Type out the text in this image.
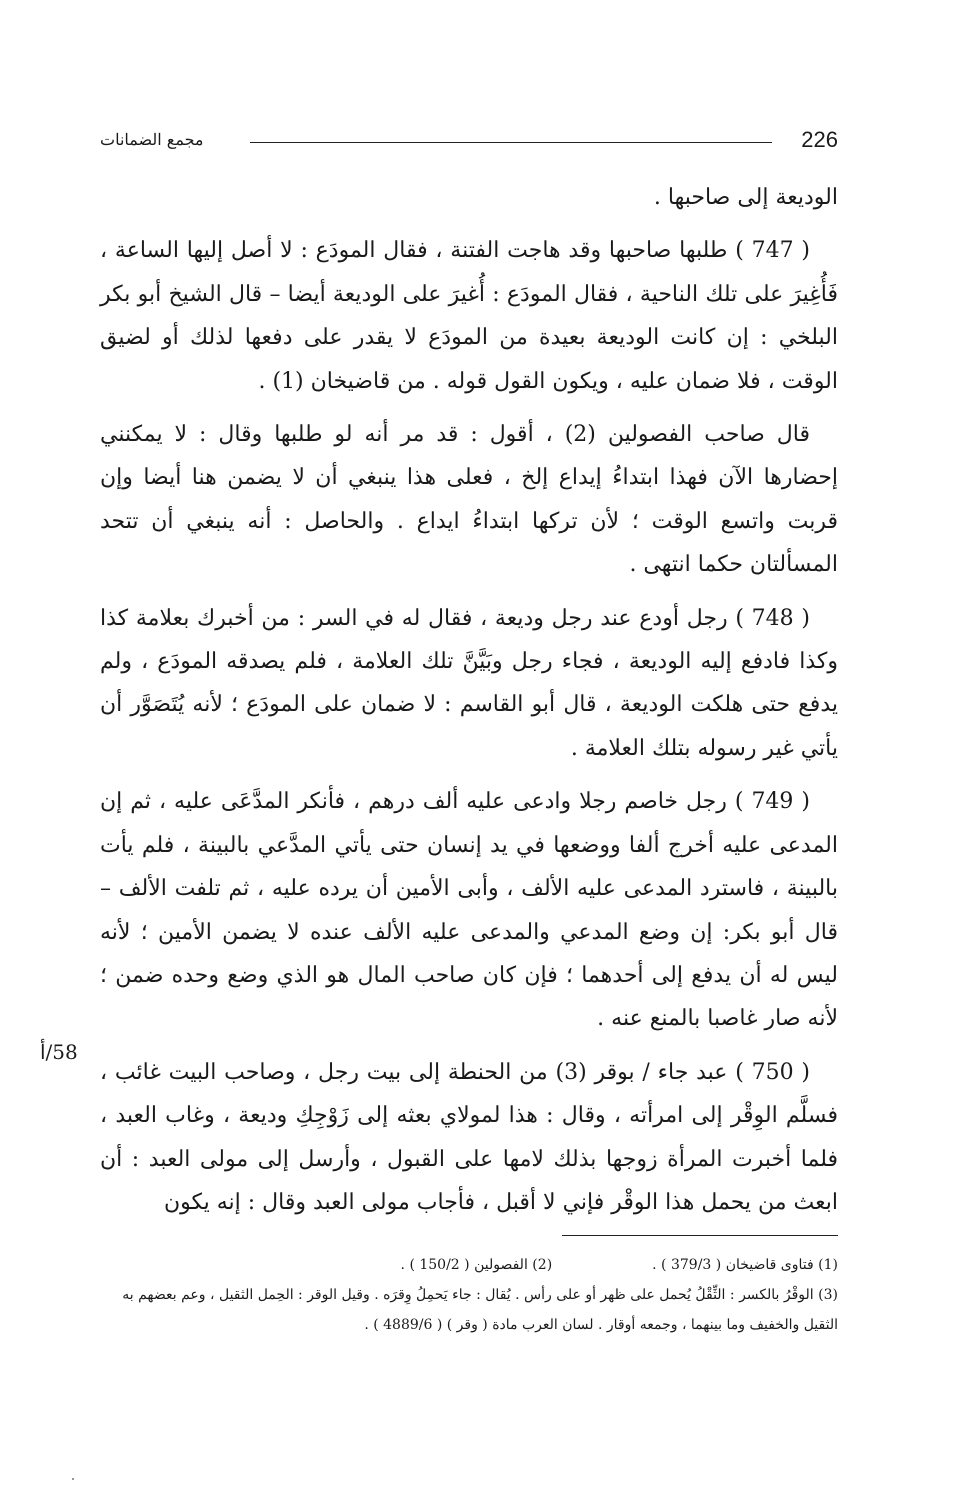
226
مجمع الضمانات

الوديعة إلى صاحبها .

( 747 ) طلبها صاحبها وقد هاجت الفتنة ، فقال المودَع : لا أصل إليها الساعة ، فَأُغِيرَ على تلك الناحية ، فقال المودَع : أُغيرَ على الوديعة أيضا – قال الشيخ أبو بكر البلخي : إن كانت الوديعة بعيدة من المودَع لا يقدر على دفعها لذلك أو لضيق الوقت ، فلا ضمان عليه ، ويكون القول قوله . من قاضيخان (1) .

قال صاحب الفصولين (2) ، أقول : قد مر أنه لو طلبها وقال : لا يمكنني إحضارها الآن فهذا ابتداءُ إيداع إلخ ، فعلى هذا ينبغي أن لا يضمن هنا أيضا وإن قربت واتسع الوقت ؛ لأن تركها ابتداءُ ايداع . والحاصل : أنه ينبغي أن تتحد المسألتان حكما انتهى .

( 748 ) رجل أودع عند رجل وديعة ، فقال له في السر : من أخبرك بعلامة كذا وكذا فادفع إليه الوديعة ، فجاء رجل وبَيَّنَّ تلك العلامة ، فلم يصدقه المودَع ، ولم يدفع حتى هلكت الوديعة ، قال أبو القاسم : لا ضمان على المودَع ؛ لأنه يُتَصَوَّر أن يأتي غير رسوله بتلك العلامة .

( 749 ) رجل خاصم رجلا وادعى عليه ألف درهم ، فأنكر المدَّعَى عليه ، ثم إن المدعى عليه أخرج ألفا ووضعها في يد إنسان حتى يأتي المدَّعي بالبينة ، فلم يأت بالبينة ، فاسترد المدعى عليه الألف ، وأبى الأمين أن يرده عليه ، ثم تلفت الألف – قال أبو بكر: إن وضع المدعي والمدعى عليه الألف عنده لا يضمن الأمين ؛ لأنه ليس له أن يدفع إلى أحدهما ؛ فإن كان صاحب المال هو الذي وضع وحده ضمن ؛ لأنه صار غاصبا بالمنع عنه .

( 750 ) عبد جاء / بوقر (3) من الحنطة إلى بيت رجل ، وصاحب البيت غائب ، فسلَّم الوِقْر إلى امرأته ، وقال : هذا لمولاي بعثه إلى زَوْجِكِ وديعة ، وغاب العبد ، فلما أخبرت المرأة زوجها بذلك لامها على القبول ، وأرسل إلى مولى العبد : أن ابعث من يحمل هذا الوقْر فإني لا أقبل ، فأجاب مولى العبد وقال : إنه يكون

58/أ

(1) فتاوى قاضيخان ( 379/3 ) .

(2) الفصولين ( 150/2 ) .

(3) الوقْرُ بالكسر : الثِّقْلُ يُحمل على ظهر أو على رأس . يُقال : جاء يَحمِلُ وِقرَه . وقيل الوقر : الحِمل الثقيل ، وعم بعضهم به الثقيل والخفيف وما بينهما ، وجمعه أوقار . لسان العرب مادة ( وقر ) ( 4889/6 ) .
